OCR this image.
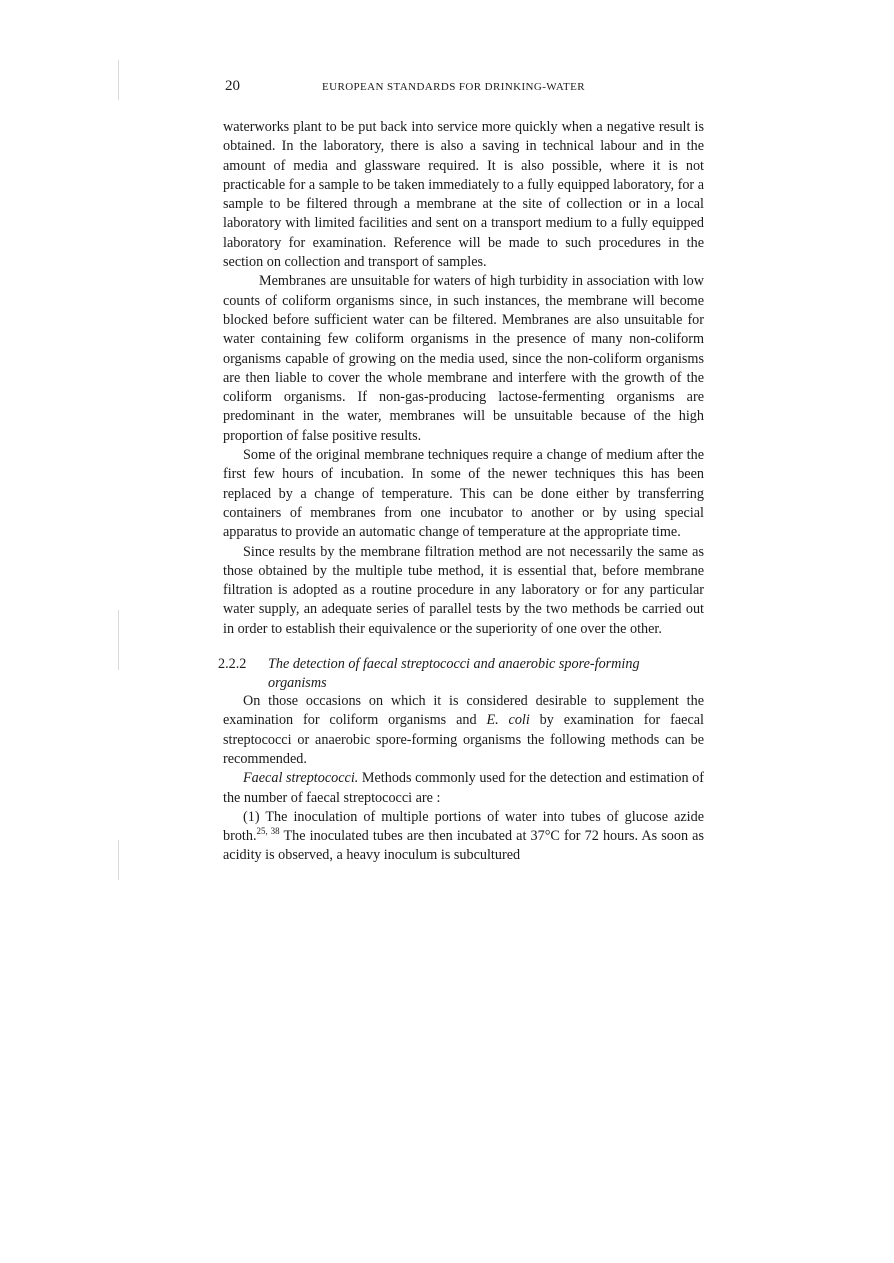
20	EUROPEAN STANDARDS FOR DRINKING-WATER

waterworks plant to be put back into service more quickly when a negative result is obtained. In the laboratory, there is also a saving in technical labour and in the amount of media and glassware required. It is also possible, where it is not practicable for a sample to be taken immediately to a fully equipped laboratory, for a sample to be filtered through a membrane at the site of collection or in a local laboratory with limited facilities and sent on a transport medium to a fully equipped laboratory for examination. Reference will be made to such procedures in the section on collection and transport of samples.

Membranes are unsuitable for waters of high turbidity in association with low counts of coliform organisms since, in such instances, the membrane will become blocked before sufficient water can be filtered. Membranes are also unsuitable for water containing few coliform organisms in the presence of many non-coliform organisms capable of growing on the media used, since the non-coliform organisms are then liable to cover the whole membrane and interfere with the growth of the coliform organisms. If non-gas-producing lactose-fermenting organisms are predominant in the water, membranes will be unsuitable because of the high proportion of false positive results.

Some of the original membrane techniques require a change of medium after the first few hours of incubation. In some of the newer techniques this has been replaced by a change of temperature. This can be done either by transferring containers of membranes from one incubator to another or by using special apparatus to provide an automatic change of temperature at the appropriate time.

Since results by the membrane filtration method are not necessarily the same as those obtained by the multiple tube method, it is essential that, before membrane filtration is adopted as a routine procedure in any laboratory or for any particular water supply, an adequate series of parallel tests by the two methods be carried out in order to establish their equivalence or the superiority of one over the other.

2.2.2 The detection of faecal streptococci and anaerobic spore-forming
organisms

On those occasions on which it is considered desirable to supplement the examination for coliform organisms and E. coli by examination for faecal streptococci or anaerobic spore-forming organisms the following methods can be recommended.

Faecal streptococci. Methods commonly used for the detection and estimation of the number of faecal streptococci are :

(1) The inoculation of multiple portions of water into tubes of glucose azide broth.$^{25, 38}$ The inoculated tubes are then incubated at 37°C for 72 hours. As soon as acidity is observed, a heavy inoculum is subcultured
